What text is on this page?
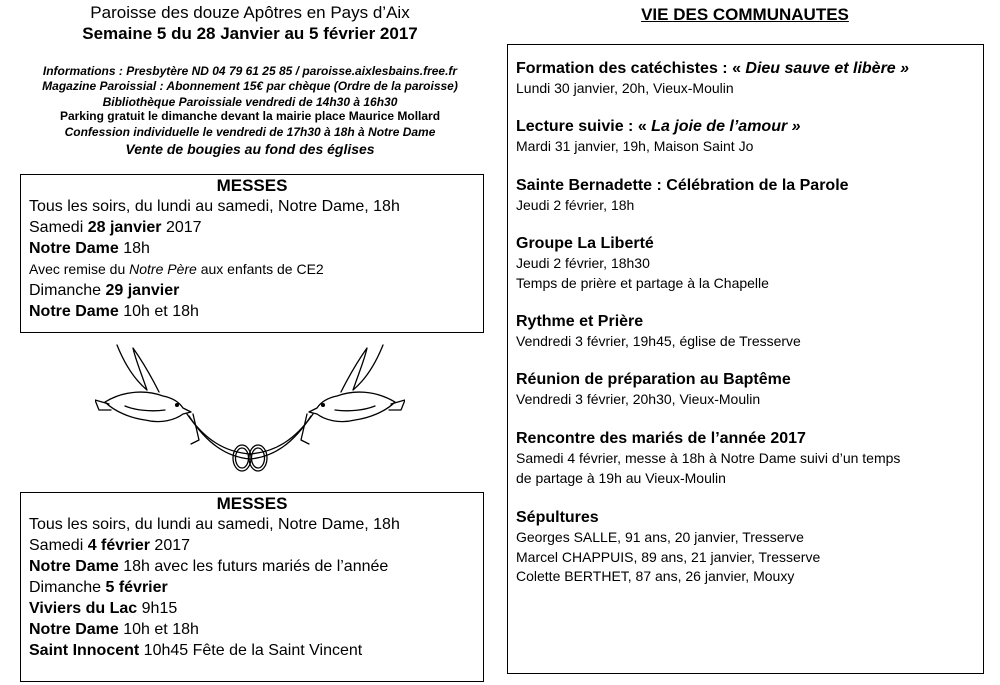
Paroisse des douze Apôtres en Pays d’Aix
Semaine 5 du 28 Janvier au 5 février 2017
Informations : Presbytère ND 04 79 61 25 85 / paroisse.aixlesbains.free.fr
Magazine Paroissial : Abonnement 15€ par chèque (Ordre de la paroisse)
Bibliothèque Paroissiale vendredi de 14h30 à 16h30
Parking gratuit le dimanche devant la mairie place Maurice Mollard
Confession individuelle le vendredi de 17h30 à 18h à Notre Dame
Vente de bougies au fond des églises
MESSES
Tous les soirs, du lundi au samedi, Notre Dame, 18h
Samedi 28 janvier 2017
Notre Dame 18h
Avec remise du Notre Père aux enfants de CE2
Dimanche 29 janvier
Notre Dame 10h et 18h
MESSES
Tous les soirs, du lundi au samedi, Notre Dame, 18h
Samedi 4 février 2017
Notre Dame 18h avec les futurs mariés de l’année
Dimanche 5 février
Viviers du Lac 9h15
Notre Dame 10h et 18h
Saint Innocent 10h45 Fête de la Saint Vincent
VIE DES COMMUNAUTES
Formation des catéchistes : « Dieu sauve et libère »
Lundi 30 janvier, 20h, Vieux-Moulin
Lecture suivie : « La joie de l’amour »
Mardi 31 janvier, 19h, Maison Saint Jo
Sainte Bernadette : Célébration de la Parole
Jeudi 2 février, 18h
Groupe La Liberté
Jeudi 2 février, 18h30
Temps de prière et partage à la Chapelle
Rythme et Prière
Vendredi 3 février, 19h45, église de Tresserve
Réunion de préparation au Baptême
Vendredi 3 février, 20h30, Vieux-Moulin
Rencontre des mariés de l’année 2017
Samedi 4 février, messe à 18h à Notre Dame suivi d’un temps
de partage à 19h au Vieux-Moulin
Sépultures
Georges SALLE, 91 ans, 20 janvier, Tresserve
Marcel CHAPPUIS, 89 ans, 21 janvier, Tresserve
Colette BERTHET, 87 ans, 26 janvier, Mouxy
